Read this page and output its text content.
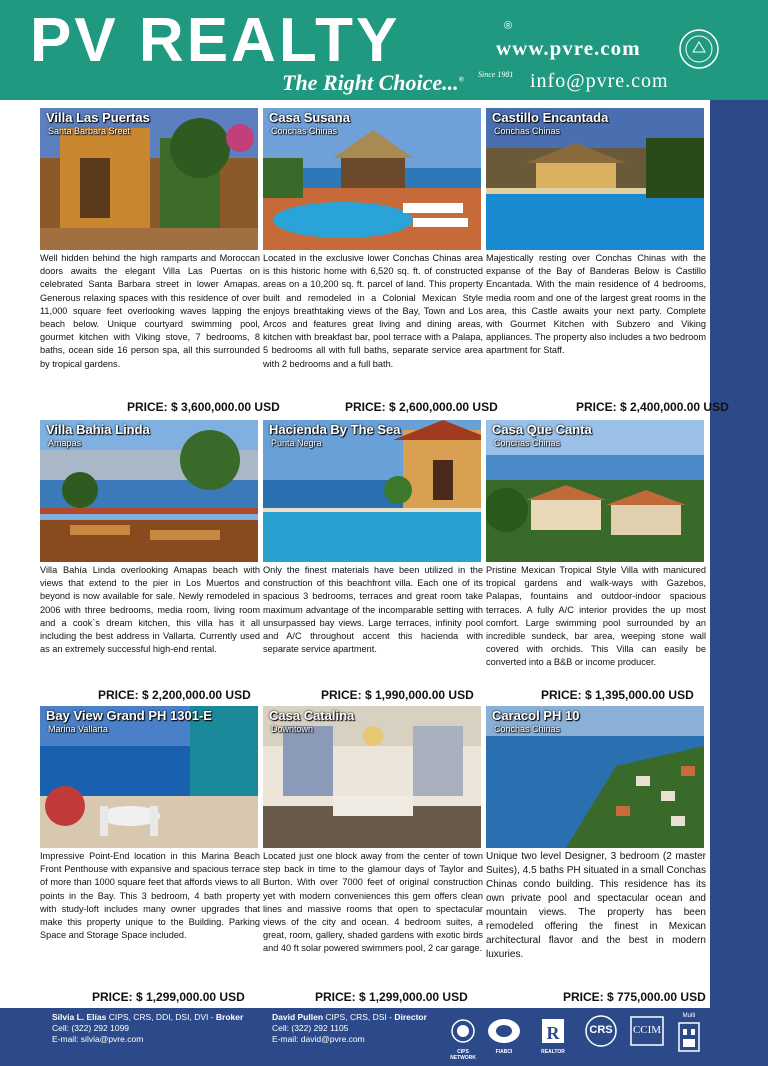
PV REALTY	®
The Right Choice...®
Since 1981
www.pvre.com
info@pvre.com
Villa Las Puertas
Santa Barbara Sreet
Well hidden behind the high ramparts and Moroccan doors awaits the elegant Villa Las Puertas on celebrated Santa Barbara street in lower Amapas. Generous relaxing spaces with this residence of over 11,000 square feet overlooking waves lapping the beach below. Unique courtyard swimming pool, gourmet kitchen with Viking stove, 7 bedrooms, 8 baths, ocean side 16 person spa, all this surrounded by tropical gardens.
Casa Susana
Conchas Chinas
Located in the exclusive lower Conchas Chinas area is this historic home with 6,520 sq. ft. of constructed areas on a 10,200 sq. ft. parcel of land. This property built and remodeled in a Colonial Mexican Style enjoys breathtaking views of the Bay, Town and Los Arcos and features great living and dining areas, kitchen with breakfast bar, pool terrace with a Palapa, 5 bedrooms all with full baths, separate service area with 2 bedrooms and a full bath.
Castillo Encantada
Conchas Chinas
Majestically resting over Conchas Chinas with the expanse of the Bay of Banderas Below is Castillo Encantada. With the main residence of 4 bedrooms, media room and one of the largest great rooms in the area, this Castle awaits your next party. Complete with Gourmet Kitchen with Subzero and Viking appliances. The property also includes a two bedroom apartment for Staff.
PRICE: $ 3,600,000.00 USD	PRICE: $ 2,600,000.00 USD	PRICE: $ 2,400,000.00 USD
Villa Bahia Linda
Amapas
Villa Bahía Linda overlooking Amapas beach with views that extend to the pier in Los Muertos and beyond is now available for sale. Newly remodeled in 2006 with three bedrooms, media room, living room and a cook´s dream kitchen, this villa has it all including the best address in Vallarta. Currently used as an extremely successful high-end rental.
Hacienda By The Sea
Punta Negra
Only the finest materials have been utilized in the construction of this beachfront villa. Each one of its spacious 3 bedrooms, terraces and great room take maximum advantage of the incomparable setting with unsurpassed bay views. Large terraces, infinity pool and A/C throughout accent this hacienda with separate service apartment.
Casa Que Canta
Conchas Chinas
Pristine Mexican Tropical Style Villa with manicured tropical gardens and walk-ways with Gazebos, Palapas, fountains and outdoor-indoor spacious terraces. A fully A/C interior provides the up most comfort. Large swimming pool surrounded by an incredible sundeck, bar area, weeping stone wall covered with orchids. This Villa can easily be converted into a B&B or income producer.
PRICE: $ 2,200,000.00 USD	PRICE: $ 1,990,000.00 USD	PRICE: $ 1,395,000.00 USD
Bay View Grand PH 1301-E
Marina Vallarta
Impressive Point-End location in this Marina Beach Front Penthouse with expansive and spacious terrace of more than 1000 square feet that affords views to all points in the Bay. This 3 bedroom, 4 bath property with study-loft includes many owner upgrades that make this property unique to the Building. Parking Space and Storage Space included.
Casa Catalina
Downtown
Located just one block away from the center of town step back in time to the glamour days of Taylor and Burton. With over 7000 feet of original construction yet with modern conveniences this gem offers clean lines and massive rooms that open to spectacular views of the city and ocean. 4 bedroom suites, a great, room, gallery, shaded gardens with exotic birds and 40 ft solar powered swimmers pool, 2 car garage.
Caracol PH 10
Conchas Chinas
Unique two level Designer, 3 bedroom (2 master Suites), 4.5 baths PH situated in a small Conchas Chinas condo building. This residence has its own private pool and spectacular ocean and mountain views. The property has been remodeled offering the finest in Mexican architectural flavor and the best in modern luxuries.
PRICE: $ 1,299,000.00 USD	PRICE: $ 1,299,000.00 USD	PRICE: $ 775,000.00 USD
Silvia L. Elías CIPS, CRS, DDI, DSI, DVI - Broker
Cell: (322) 292 1099
E-mail: silvia@pvre.com
David Pullen CIPS, CRS, DSI - Director
Cell: (322) 292 1105
E-mail: david@pvre.com
CIPS NETWORK
FIABCI
R
REALTOR
CRS	CCIM
Multi
